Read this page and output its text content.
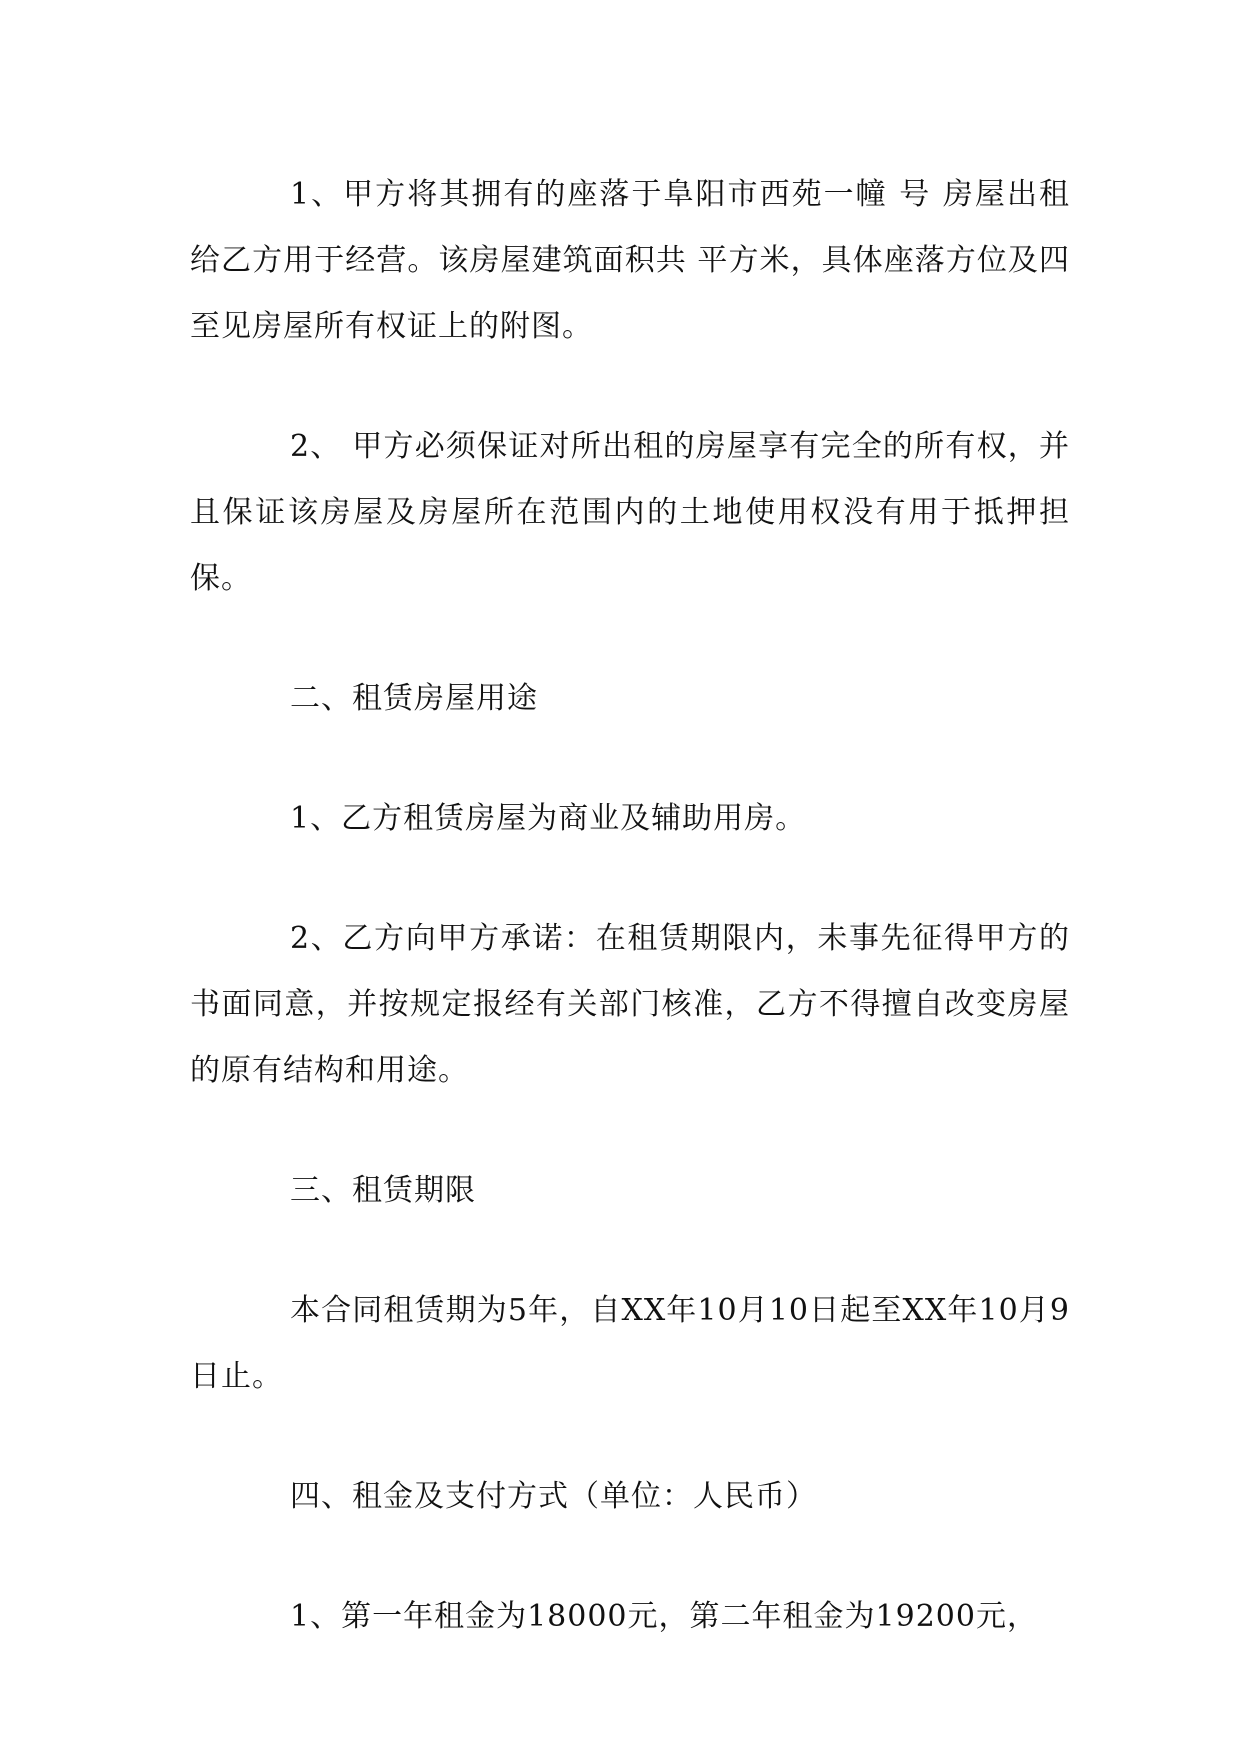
1、甲方将其拥有的座落于阜阳市西苑一幢 号 房屋出租给乙方用于经营。该房屋建筑面积共 平方米，具体座落方位及四至见房屋所有权证上的附图。

2、 甲方必须保证对所出租的房屋享有完全的所有权，并且保证该房屋及房屋所在范围内的土地使用权没有用于抵押担保。

二、租赁房屋用途

1、乙方租赁房屋为商业及辅助用房。

2、乙方向甲方承诺：在租赁期限内，未事先征得甲方的书面同意，并按规定报经有关部门核准，乙方不得擅自改变房屋的原有结构和用途。

三、租赁期限

本合同租赁期为5年，自XX年10月10日起至XX年10月9日止。

四、租金及支付方式（单位：人民币）

1、第一年租金为18000元，第二年租金为19200元，
